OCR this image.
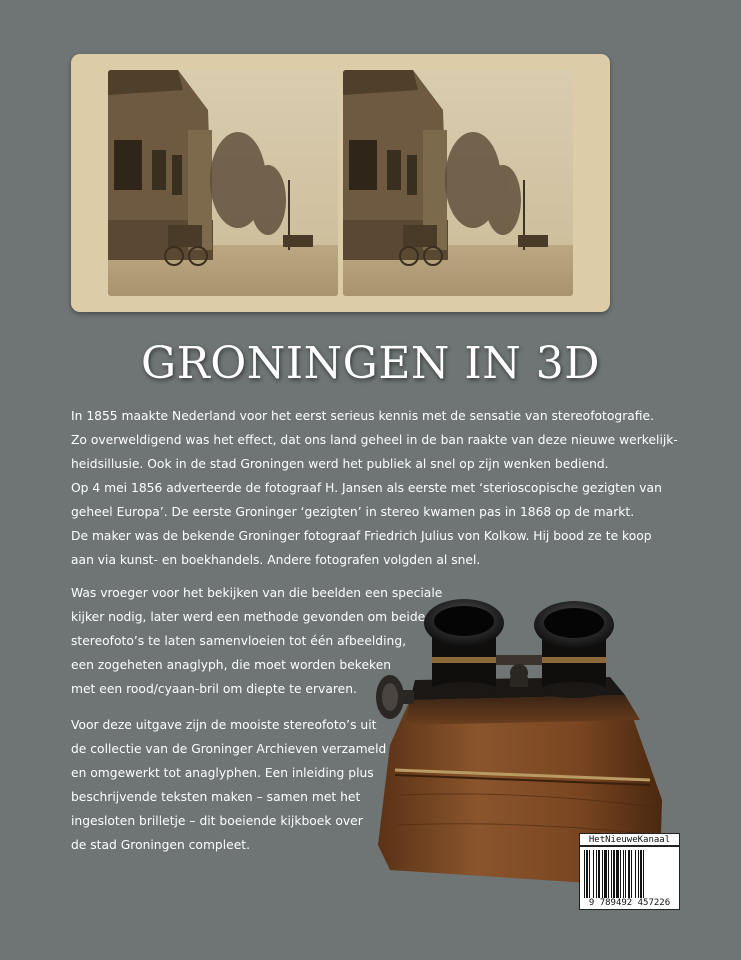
GRONINGEN IN 3D
In 1855 maakte Nederland voor het eerst serieus kennis met de sensatie van stereofotografie.
Zo overweldigend was het effect, dat ons land geheel in de ban raakte van deze nieuwe werkelijk-
heidsillusie. Ook in de stad Groningen werd het publiek al snel op zijn wenken bediend.
Op 4 mei 1856 adverteerde de fotograaf H. Jansen als eerste met ‘sterioscopische gezigten van
geheel Europa’. De eerste Groninger ‘gezigten’ in stereo kwamen pas in 1868 op de markt.
De maker was de bekende Groninger fotograaf Friedrich Julius von Kolkow. Hij bood ze te koop
aan via kunst- en boekhandels. Andere fotografen volgden al snel.
Was vroeger voor het bekijken van die beelden een speciale
kijker nodig, later werd een methode gevonden om beide
stereofoto’s te laten samenvloeien tot één afbeelding,
een zogeheten anaglyph, die moet worden bekeken
met een rood/cyaan-bril om diepte te ervaren.
Voor deze uitgave zijn de mooiste stereofoto’s uit
de collectie van de Groninger Archieven verzameld
en omgewerkt tot anaglyphen. Een inleiding plus
beschrijvende teksten maken – samen met het
ingesloten brilletje – dit boeiende kijkboek over
de stad Groningen compleet.	HetNieuweKanaal
9 789492 457226
